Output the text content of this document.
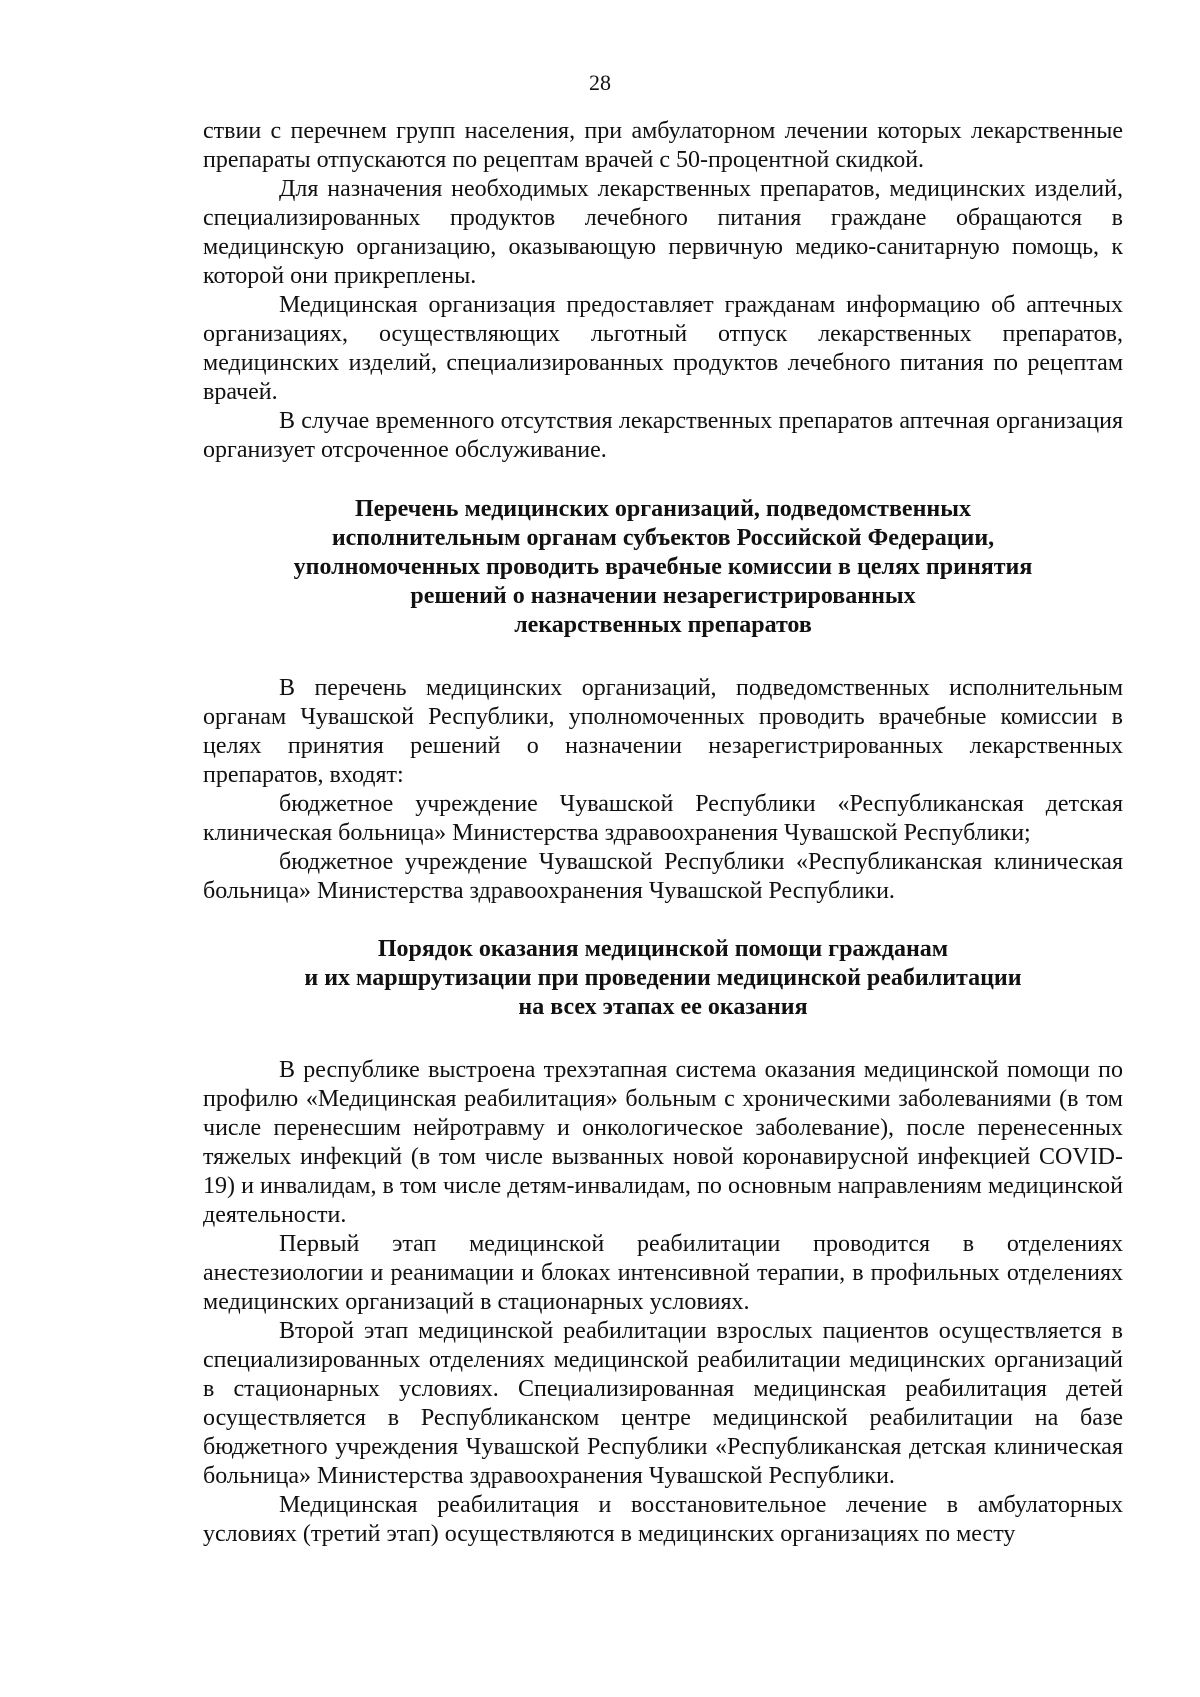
28

ствии с перечнем групп населения, при амбулаторном лечении которых лекарственные препараты отпускаются по рецептам врачей с 50-процентной скидкой.

Для назначения необходимых лекарственных препаратов, медицинских изделий, специализированных продуктов лечебного питания граждане обращаются в медицинскую организацию, оказывающую первичную медико-санитарную помощь, к которой они прикреплены.

Медицинская организация предоставляет гражданам информацию об аптечных организациях, осуществляющих льготный отпуск лекарственных препаратов, медицинских изделий, специализированных продуктов лечебного питания по рецептам врачей.

В случае временного отсутствия лекарственных препаратов аптечная организация организует отсроченное обслуживание.

Перечень медицинских организаций, подведомственных
исполнительным органам субъектов Российской Федерации,
уполномоченных проводить врачебные комиссии в целях принятия
решений о назначении незарегистрированных
лекарственных препаратов

В перечень медицинских организаций, подведомственных исполнительным органам Чувашской Республики, уполномоченных проводить врачебные комиссии в целях принятия решений о назначении незарегистрированных лекарственных препаратов, входят:

бюджетное учреждение Чувашской Республики «Республиканская детская клиническая больница» Министерства здравоохранения Чувашской Республики;

бюджетное учреждение Чувашской Республики «Республиканская клиническая больница» Министерства здравоохранения Чувашской Республики.

Порядок оказания медицинской помощи гражданам
и их маршрутизации при проведении медицинской реабилитации
на всех этапах ее оказания

В республике выстроена трехэтапная система оказания медицинской помощи по профилю «Медицинская реабилитация» больным с хроническими заболеваниями (в том числе перенесшим нейротравму и онкологическое заболевание), после перенесенных тяжелых инфекций (в том числе вызванных новой коронавирусной инфекцией COVID-19) и инвалидам, в том числе детям-инвалидам, по основным направлениям медицинской деятельности.

Первый этап медицинской реабилитации проводится в отделениях анестезиологии и реанимации и блоках интенсивной терапии, в профильных отделениях медицинских организаций в стационарных условиях.

Второй этап медицинской реабилитации взрослых пациентов осуществляется в специализированных отделениях медицинской реабилитации медицинских организаций в стационарных условиях. Специализированная медицинская реабилитация детей осуществляется в Республиканском центре медицинской реабилитации на базе бюджетного учреждения Чувашской Республики «Республиканская детская клиническая больница» Министерства здравоохранения Чувашской Республики.

Медицинская реабилитация и восстановительное лечение в амбулаторных условиях (третий этап) осуществляются в медицинских организациях по месту
